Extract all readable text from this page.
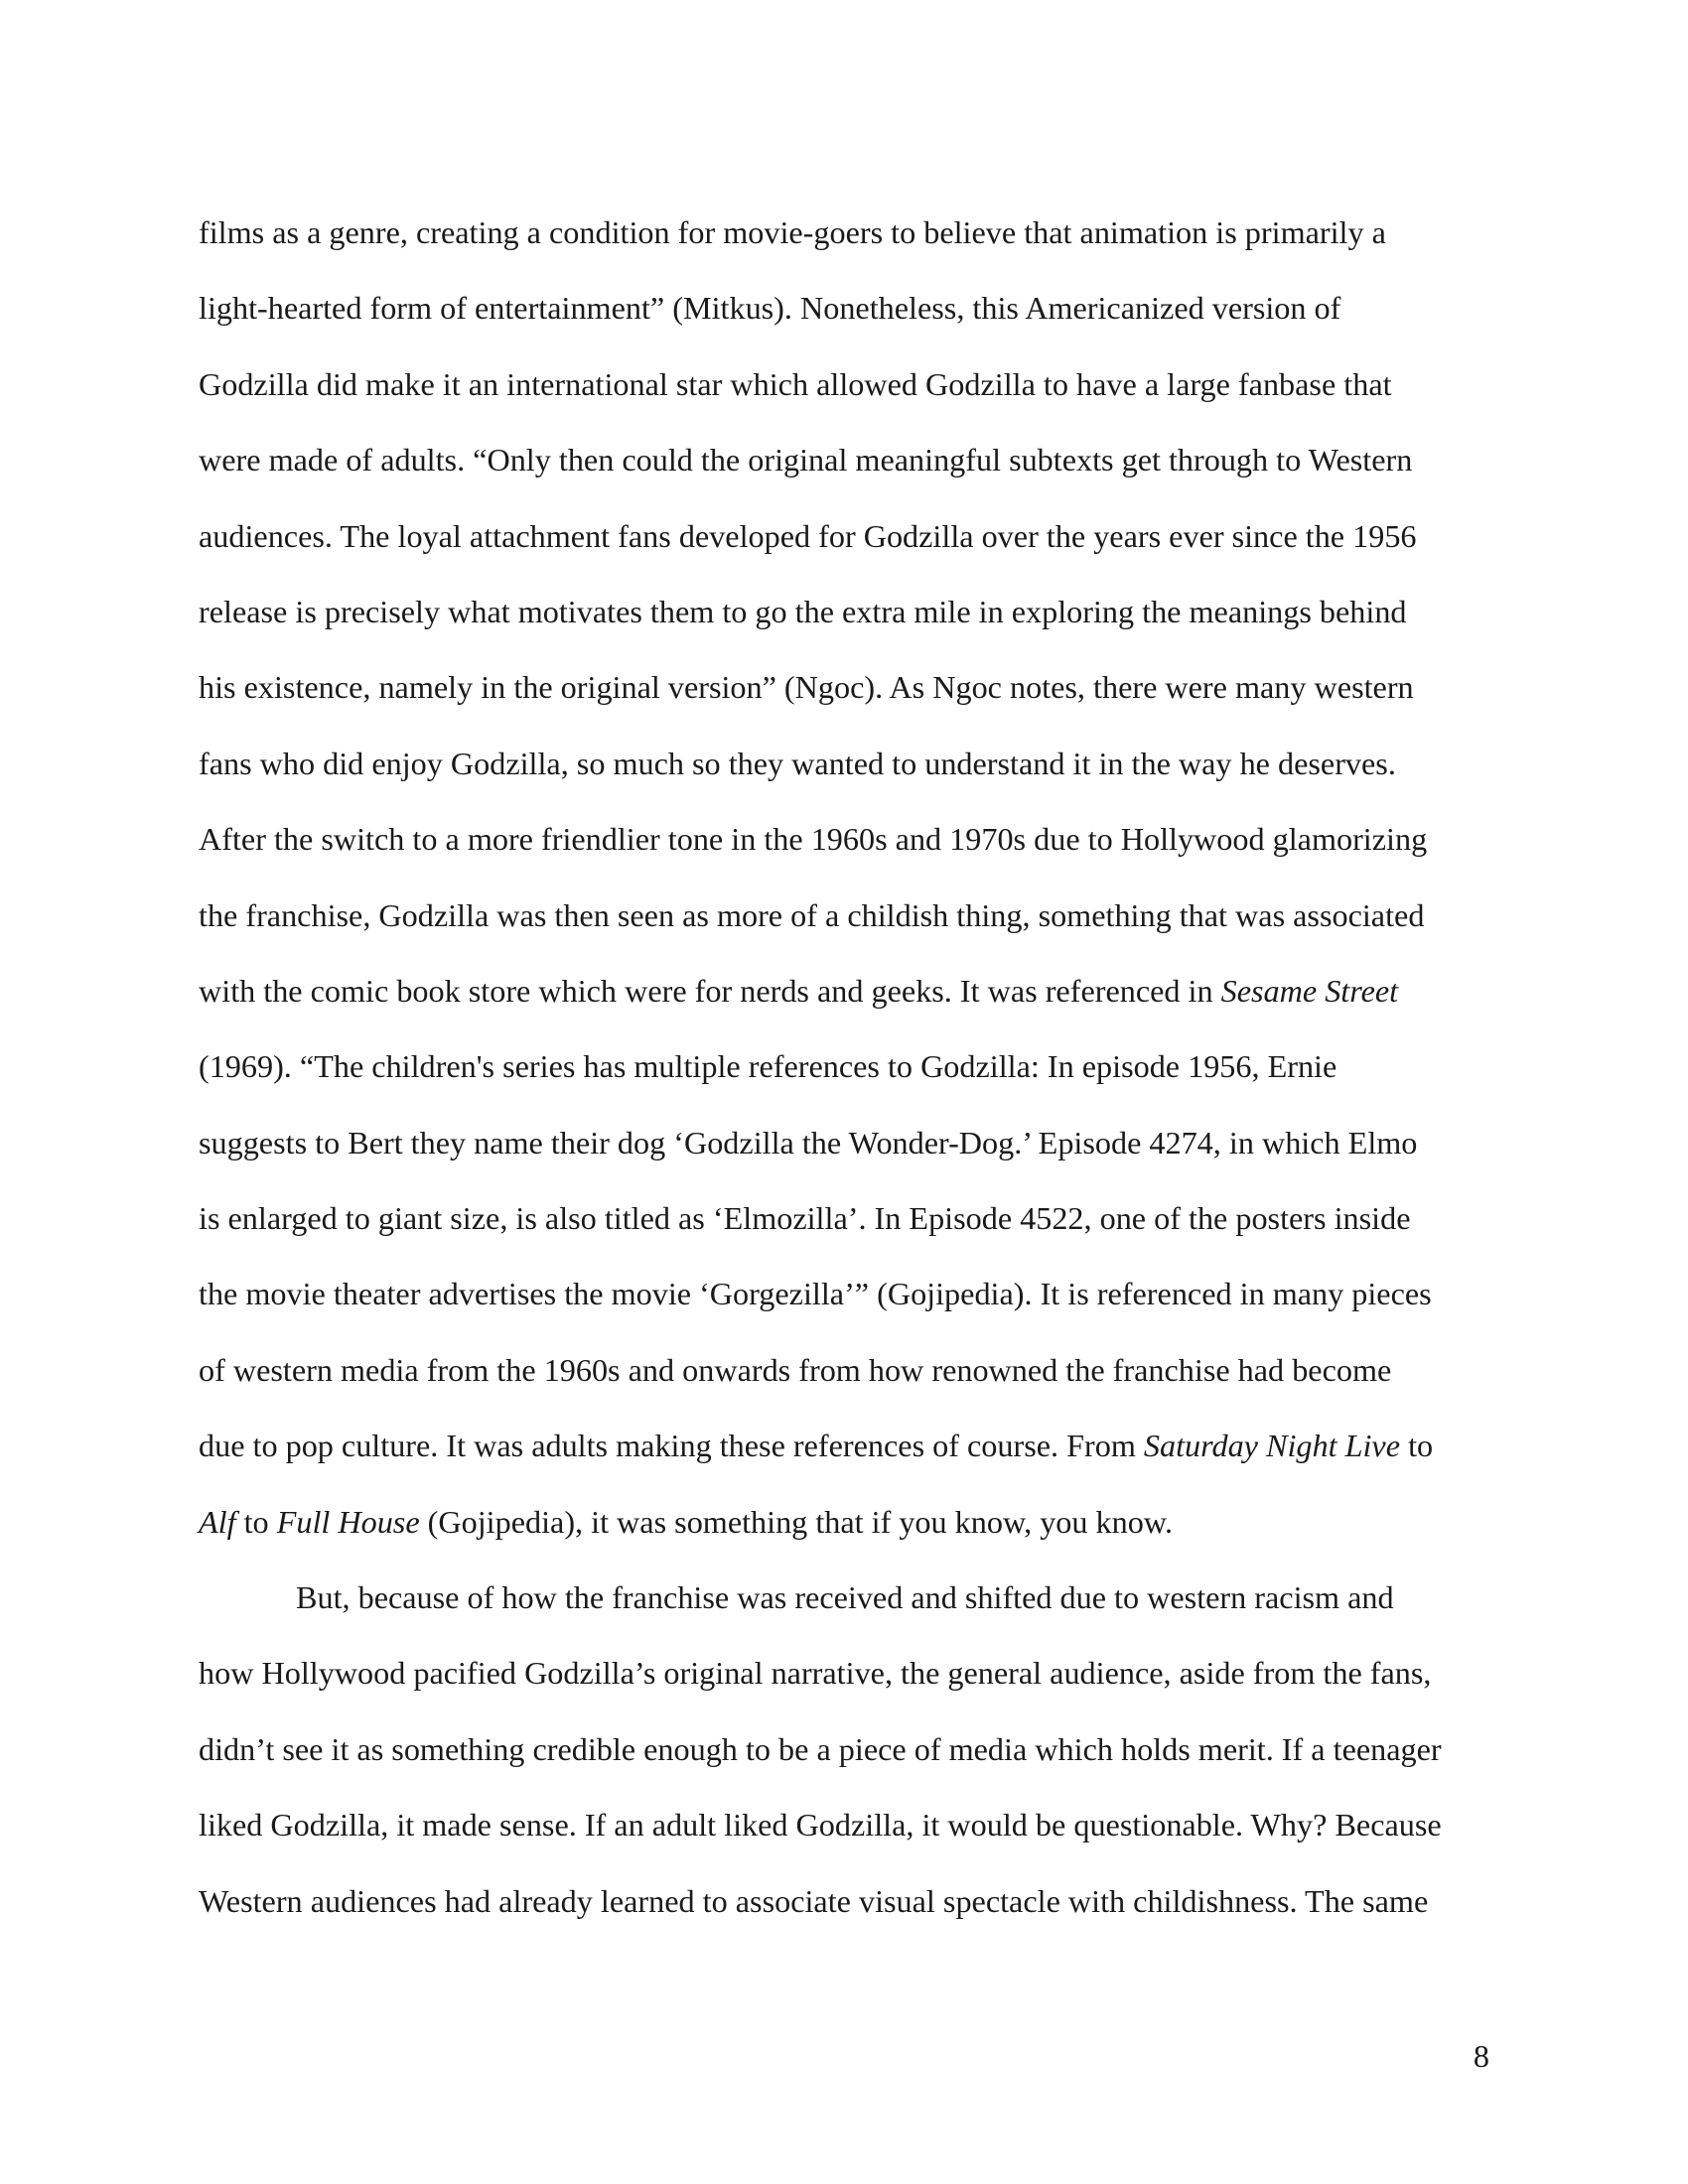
films as a genre, creating a condition for movie-goers to believe that animation is primarily a
light-hearted form of entertainment” (Mitkus). Nonetheless, this Americanized version of
Godzilla did make it an international star which allowed Godzilla to have a large fanbase that
were made of adults. “Only then could the original meaningful subtexts get through to Western
audiences. The loyal attachment fans developed for Godzilla over the years ever since the 1956
release is precisely what motivates them to go the extra mile in exploring the meanings behind
his existence, namely in the original version” (Ngoc). As Ngoc notes, there were many western
fans who did enjoy Godzilla, so much so they wanted to understand it in the way he deserves.
After the switch to a more friendlier tone in the 1960s and 1970s due to Hollywood glamorizing
the franchise, Godzilla was then seen as more of a childish thing, something that was associated
with the comic book store which were for nerds and geeks. It was referenced in Sesame Street
(1969). “The children's series has multiple references to Godzilla: In episode 1956, Ernie
suggests to Bert they name their dog ‘Godzilla the Wonder-Dog.’ Episode 4274, in which Elmo
is enlarged to giant size, is also titled as ‘Elmozilla’. In Episode 4522, one of the posters inside
the movie theater advertises the movie ‘Gorgezilla’” (Gojipedia). It is referenced in many pieces
of western media from the 1960s and onwards from how renowned the franchise had become
due to pop culture. It was adults making these references of course. From Saturday Night Live to
Alf to Full House (Gojipedia), it was something that if you know, you know.
But, because of how the franchise was received and shifted due to western racism and
how Hollywood pacified Godzilla’s original narrative, the general audience, aside from the fans,
didn’t see it as something credible enough to be a piece of media which holds merit. If a teenager
liked Godzilla, it made sense. If an adult liked Godzilla, it would be questionable. Why? Because
Western audiences had already learned to associate visual spectacle with childishness. The same
8
